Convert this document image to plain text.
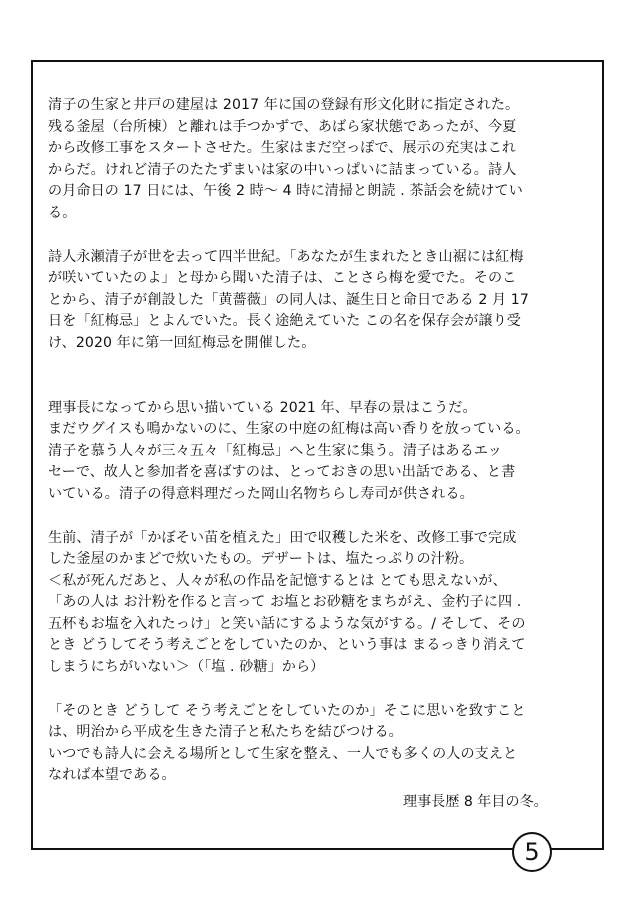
清子の生家と井戸の建屋は 2017 年に国の登録有形文化財に指定された。
残る釜屋（台所棟）と離れは手つかずで、あばら家状態であったが、今夏
から改修工事をスタートさせた。生家はまだ空っぽで、展示の充実はこれ
からだ。けれど清子のたたずまいは家の中いっぱいに詰まっている。詩人
の月命日の 17 日には、午後 2 時～ 4 時に清掃と朗読 . 茶話会を続けてい
る。
詩人永瀬清子が世を去って四半世紀。「あなたが生まれたとき山裾には紅梅
が咲いていたのよ」と母から聞いた清子は、ことさら梅を愛でた。そのこ
とから、清子が創設した「黄薔薇」の同人は、誕生日と命日である 2 月 17
日を「紅梅忌」とよんでいた。長く途絶えていた この名を保存会が譲り受
け、2020 年に第一回紅梅忌を開催した。
理事長になってから思い描いている 2021 年、早春の景はこうだ。
まだウグイスも鳴かないのに、生家の中庭の紅梅は高い香りを放っている。
清子を慕う人々が三々五々「紅梅忌」へと生家に集う。清子はあるエッ
セーで、故人と参加者を喜ばすのは、とっておきの思い出話である、と書
いている。清子の得意料理だった岡山名物ちらし寿司が供される。
生前、清子が「かぼそい苗を植えた」田で収穫した米を、改修工事で完成
した釜屋のかまどで炊いたもの。デザートは、塩たっぷりの汁粉。
＜私が死んだあと、人々が私の作品を記憶するとは とても思えないが、
「あの人は お汁粉を作ると言って お塩とお砂糖をまちがえ、金杓子に四 .
五杯もお塩を入れたっけ」と笑い話にするような気がする。/ そして、その
とき どうしてそう考えごとをしていたのか、という事は まるっきり消えて
しまうにちがいない＞（「塩 . 砂糖」から）
「そのとき どうして そう考えごとをしていたのか」そこに思いを致すこと
は、明治から平成を生きた清子と私たちを結びつける。
いつでも詩人に会える場所として生家を整え、一人でも多くの人の支えと
なれば本望である。
理事長歴 8 年目の冬。
5
